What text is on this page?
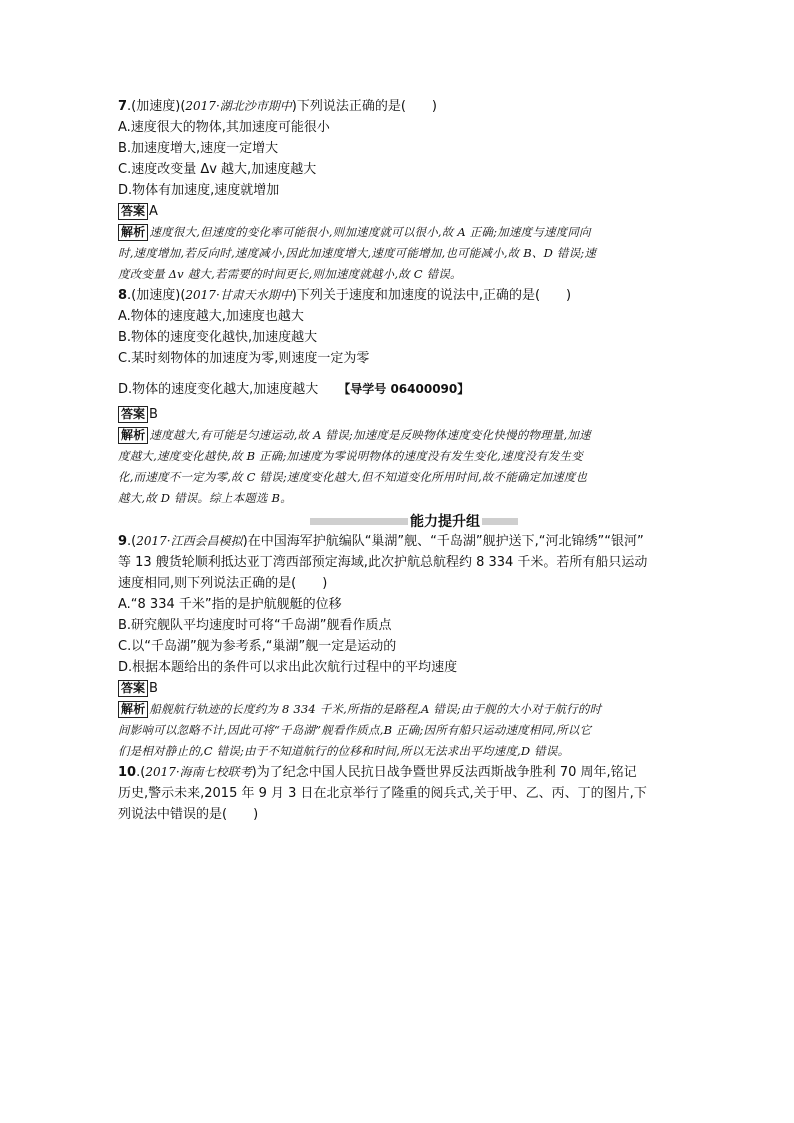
7.(加速度)(2017·湖北沙市期中)下列说法正确的是(　　)
A.速度很大的物体,其加速度可能很小
B.加速度增大,速度一定增大
C.速度改变量 Δv 越大,加速度越大
D.物体有加速度,速度就增加
答案 A
解析 速度很大,但速度的变化率可能很小,则加速度就可以很小,故 A 正确;加速度与速度同向
时,速度增加,若反向时,速度减小,因此加速度增大,速度可能增加,也可能减小,故 B、D 错误;速
度改变量 Δv 越大,若需要的时间更长,则加速度就越小,故 C 错误。
8.(加速度)(2017·甘肃天水期中)下列关于速度和加速度的说法中,正确的是(　　)
A.物体的速度越大,加速度也越大
B.物体的速度变化越快,加速度越大
C.某时刻物体的加速度为零,则速度一定为零
D.物体的速度变化越大,加速度越大 【导学号 06400090】
答案 B
解析 速度越大,有可能是匀速运动,故 A 错误;加速度是反映物体速度变化快慢的物理量,加速
度越大,速度变化越快,故 B 正确;加速度为零说明物体的速度没有发生变化,速度没有发生变
化,而速度不一定为零,故 C 错误;速度变化越大,但不知道变化所用时间,故不能确定加速度也
越大,故 D 错误。综上本题选 B。
能力提升组
9.(2017·江西会昌模拟)在中国海军护航编队“巢湖”舰、“千岛湖”舰护送下,“河北锦绣”“银河”
等 13 艘货轮顺利抵达亚丁湾西部预定海域,此次护航总航程约 8 334 千米。若所有船只运动
速度相同,则下列说法正确的是(　　)
A.“8 334 千米”指的是护航舰艇的位移
B.研究舰队平均速度时可将“千岛湖”舰看作质点
C.以“千岛湖”舰为参考系,“巢湖”舰一定是运动的
D.根据本题给出的条件可以求出此次航行过程中的平均速度
答案 B
解析 船舰航行轨迹的长度约为 8 334 千米,所指的是路程,A 错误;由于舰的大小对于航行的时
间影响可以忽略不计,因此可将“千岛湖”舰看作质点,B 正确;因所有船只运动速度相同,所以它
们是相对静止的,C 错误;由于不知道航行的位移和时间,所以无法求出平均速度,D 错误。
10.(2017·海南七校联考)为了纪念中国人民抗日战争暨世界反法西斯战争胜利 70 周年,铭记
历史,警示未来,2015 年 9 月 3 日在北京举行了隆重的阅兵式,关于甲、乙、丙、丁的图片,下
列说法中错误的是(　　)
